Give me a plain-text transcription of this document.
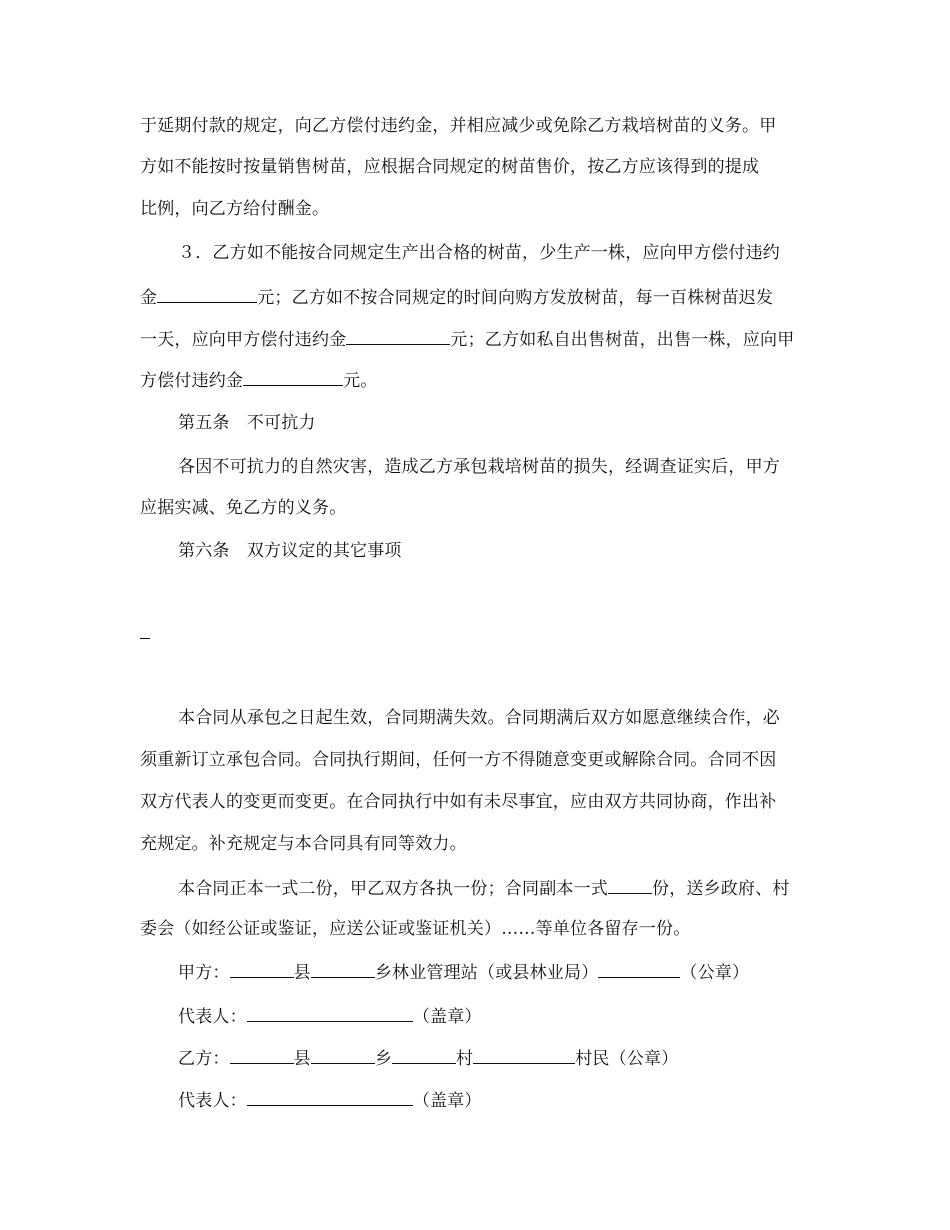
于延期付款的规定，向乙方偿付违约金，并相应减少或免除乙方栽培树苗的义务。甲
方如不能按时按量销售树苗，应根据合同规定的树苗售价，按乙方应该得到的提成
比例，向乙方给付酬金。
３．乙方如不能按合同规定生产出合格的树苗，少生产一株，应向甲方偿付违约
金	元；乙方如不按合同规定的时间向购方发放树苗，每一百株树苗迟发
一天，应向甲方偿付违约金	元；乙方如私自出售树苗，出售一株，应向甲
方偿付违约金	元。
第五条　不可抗力
各因不可抗力的自然灾害，造成乙方承包栽培树苗的损失，经调查证实后，甲方
应据实减、免乙方的义务。
第六条　双方议定的其它事项
本合同从承包之日起生效，合同期满失效。合同期满后双方如愿意继续合作，必
须重新订立承包合同。合同执行期间，任何一方不得随意变更或解除合同。合同不因
双方代表人的变更而变更。在合同执行中如有未尽事宜，应由双方共同协商，作出补
充规定。补充规定与本合同具有同等效力。
本合同正本一式二份，甲乙双方各执一份；合同副本一式	份，送乡政府、村
委会（如经公证或鉴证，应送公证或鉴证机关）……等单位各留存一份。
甲方：	县	乡林业管理站（或县林业局）	（公章）
代表人：	（盖章）
乙方：	县	乡	村	村民（公章）
代表人：	（盖章）
